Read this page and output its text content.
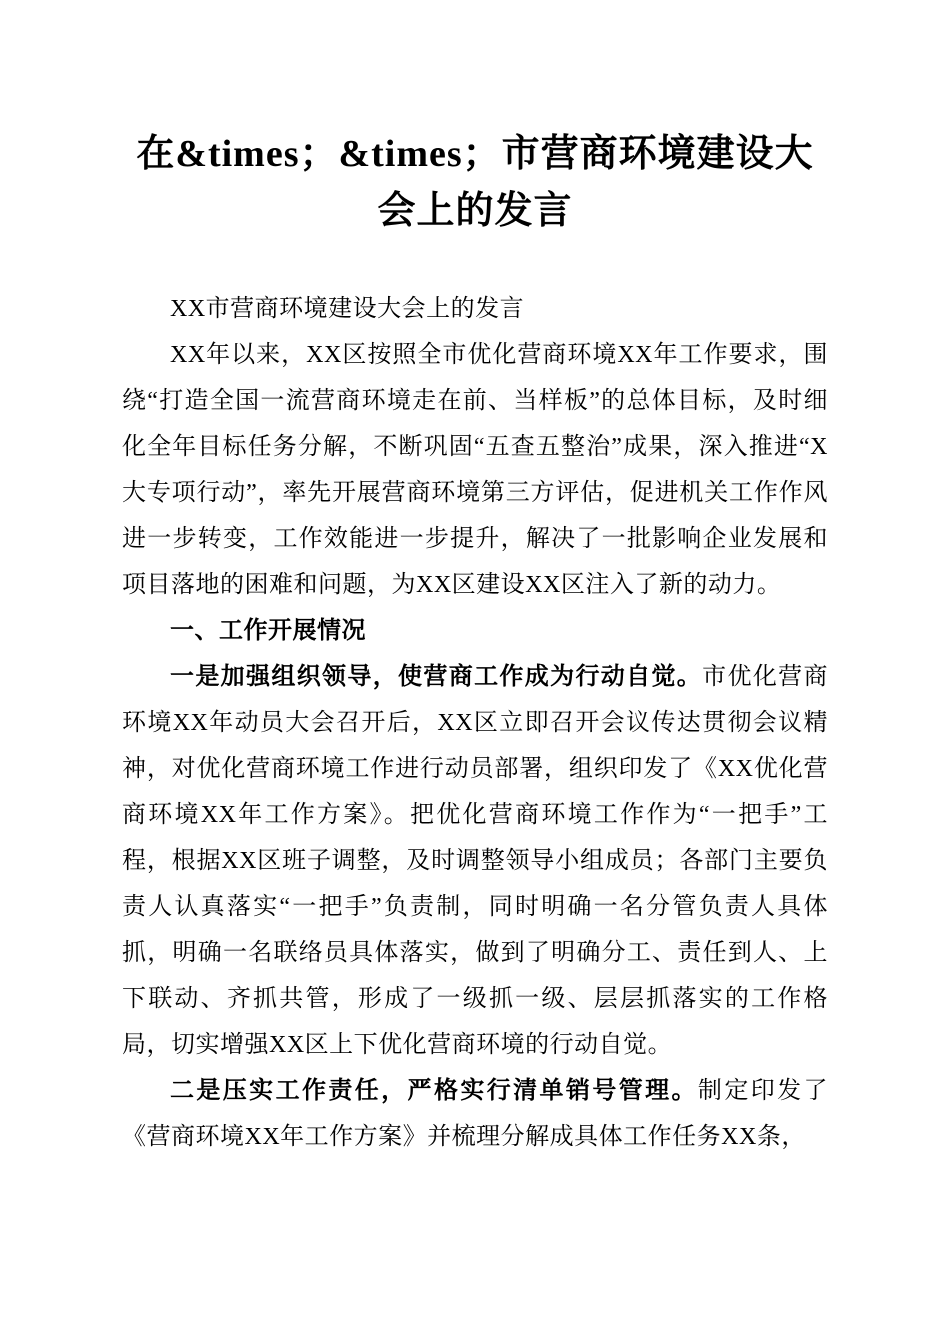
在&times；&times；市营商环境建设大会上的发言

XX市营商环境建设大会上的发言

XX年以来，XX区按照全市优化营商环境XX年工作要求，围绕“打造全国一流营商环境走在前、当样板”的总体目标，及时细化全年目标任务分解，不断巩固“五查五整治”成果，深入推进“X大专项行动”，率先开展营商环境第三方评估，促进机关工作作风进一步转变，工作效能进一步提升，解决了一批影响企业发展和项目落地的困难和问题，为XX区建设XX区注入了新的动力。

一、工作开展情况

一是加强组织领导，使营商工作成为行动自觉。市优化营商环境XX年动员大会召开后，XX区立即召开会议传达贯彻会议精神，对优化营商环境工作进行动员部署，组织印发了《XX优化营商环境XX年工作方案》。把优化营商环境工作作为“一把手”工程，根据XX区班子调整，及时调整领导小组成员；各部门主要负责人认真落实“一把手”负责制，同时明确一名分管负责人具体抓，明确一名联络员具体落实，做到了明确分工、责任到人、上下联动、齐抓共管，形成了一级抓一级、层层抓落实的工作格局，切实增强XX区上下优化营商环境的行动自觉。

二是压实工作责任，严格实行清单销号管理。制定印发了《营商环境XX年工作方案》并梳理分解成具体工作任务XX条，
